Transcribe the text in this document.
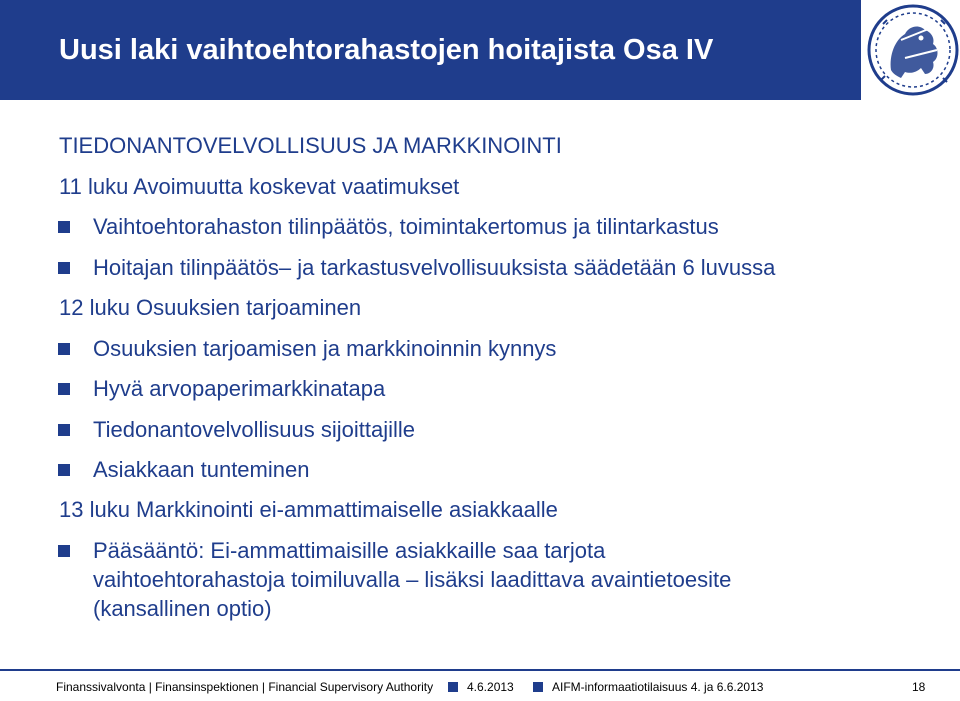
Uusi laki vaihtoehtorahastojen hoitajista Osa IV
TIEDONANTOVELVOLLISUUS JA MARKKINOINTI
11 luku Avoimuutta koskevat vaatimukset
Vaihtoehtorahaston tilinpäätös, toimintakertomus ja tilintarkastus
Hoitajan tilinpäätös– ja tarkastusvelvollisuuksista säädetään 6 luvussa
12 luku Osuuksien tarjoaminen
Osuuksien tarjoamisen ja markkinoinnin kynnys
Hyvä arvopaperimarkkinatapa
Tiedonantovelvollisuus sijoittajille
Asiakkaan tunteminen
13 luku Markkinointi ei-ammattimaiselle asiakkaalle
Pääsääntö: Ei-ammattimaisille asiakkaille saa tarjota
vaihtoehtorahastoja toimiluvalla – lisäksi laadittava avaintietoesite
(kansallinen optio)
Finanssivalvonta | Finansinspektionen | Financial Supervisory Authority	4.6.2013	AIFM-informaatiotilaisuus 4. ja 6.6.2013	18
